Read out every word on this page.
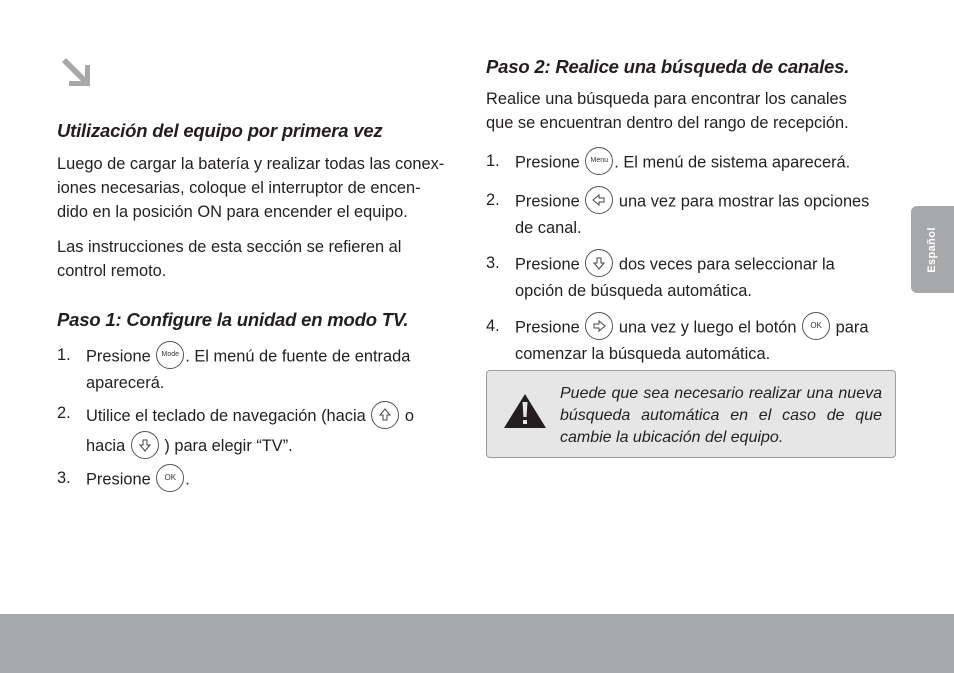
Utilización del equipo por primera vez

Luego de cargar la batería y realizar todas las conex-
iones necesarias, coloque el interruptor de encen-
dido en la posición ON para encender el equipo.

Las instrucciones de esta sección se refieren al
control remoto.

Paso 1: Configure la unidad en modo TV.
1. Presione Mode . El menú de fuente de entrada
aparecerá.
2. Utilice el teclado de navegación (hacia o
hacia ) para elegir “TV”.
3. Presione OK .
Paso 2: Realice una búsqueda de canales.

Realice una búsqueda para encontrar los canales
que se encuentran dentro del rango de recepción.

1. Presione Menu . El menú de sistema aparecerá.
2. Presione una vez para mostrar las opciones
de canal.
3. Presione dos veces para seleccionar la
opción de búsqueda automática.
4. Presione una vez y luego el botón OK para
comenzar la búsqueda automática.
Puede que sea necesario realizar una nueva búsqueda automática en el caso de que cambie la ubicación del equipo.
Español
